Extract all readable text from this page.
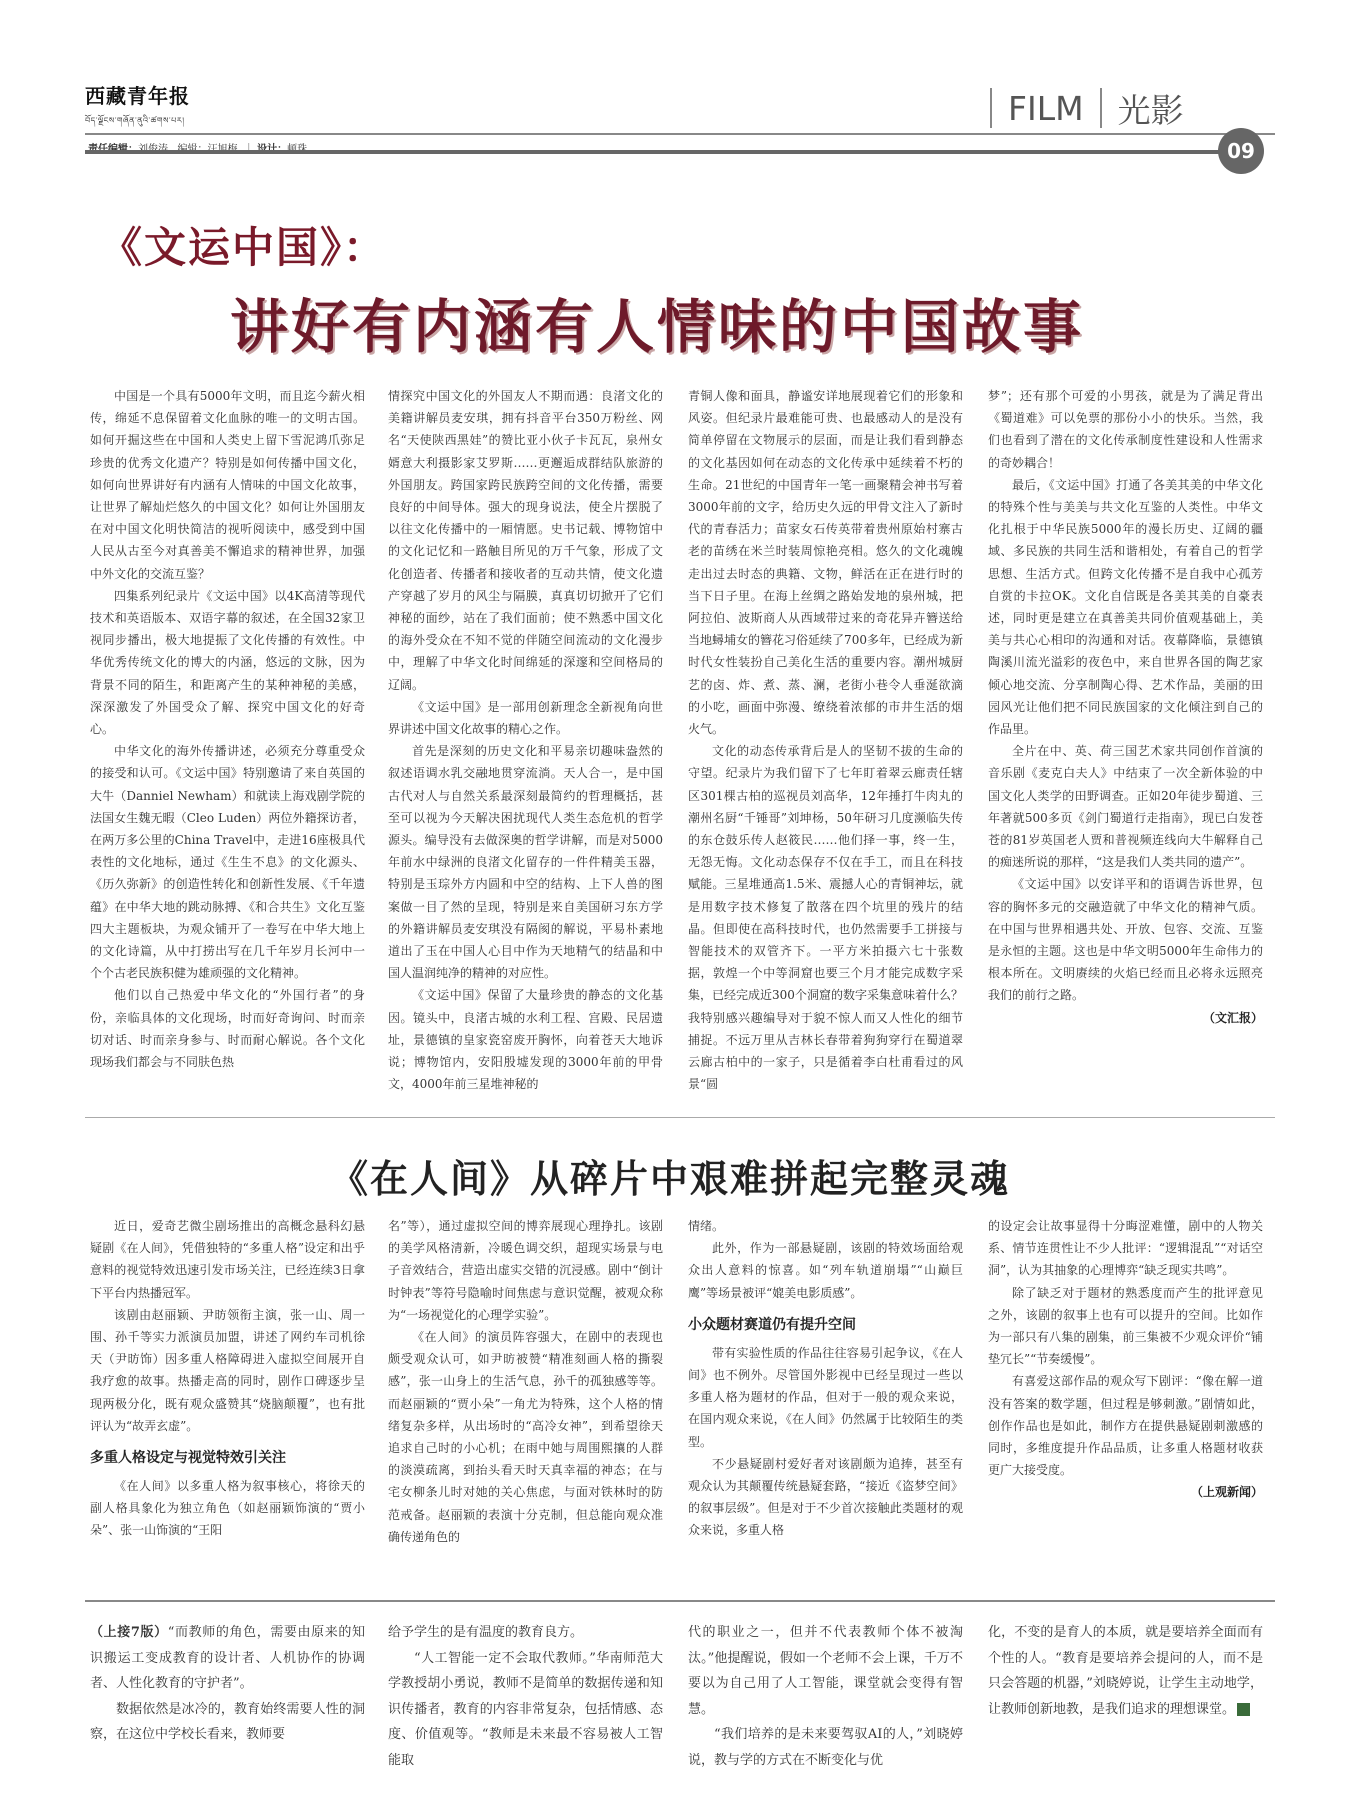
西藏青年报
བོད་ལྗོངས་གཞོན་ནུའི་ཚགས་པར།	FILM 光影

09
《文运中国》：
讲好有内涵有人情味的中国故事

中国是一个具有5000年文明，而且迄今薪火相传，绵延不息保留着文化血脉的唯一的文明古国。如何开掘这些在中国和人类史上留下雪泥鸿爪弥足珍贵的优秀文化遗产？特别是如何传播中国文化，如何向世界讲好有内涵有人情味的中国文化故事，让世界了解灿烂悠久的中国文化？如何让外国朋友在对中国文化明快简洁的视听阅读中，感受到中国人民从古至今对真善美不懈追求的精神世界，加强中外文化的交流互鉴？

四集系列纪录片《文运中国》以4K高清等现代技术和英语版本、双语字幕的叙述，在全国32家卫视同步播出，极大地提振了文化传播的有效性。中华优秀传统文化的博大的内涵，悠远的文脉，因为背景不同的陌生，和距离产生的某种神秘的美感，深深激发了外国受众了解、探究中国文化的好奇心。

中华文化的海外传播讲述，必须充分尊重受众的接受和认可。《文运中国》特别邀请了来自英国的大牛（Danniel Newham）和就读上海戏剧学院的法国女生魏无暇（Cleo Luden）两位外籍探访者，在两万多公里的China Travel中，走进16座极具代表性的文化地标，通过《生生不息》的文化源头、《历久弥新》的创造性转化和创新性发展、《千年遗蕴》在中华大地的跳动脉搏、《和合共生》文化互鉴四大主题板块，为观众铺开了一卷写在中华大地上的文化诗篇，从中打捞出写在几千年岁月长河中一个个古老民族积健为雄顽强的文化精神。

他们以自己热爱中华文化的“外国行者”的身份，亲临具体的文化现场，时而好奇询问、时而亲切对话、时而亲身参与、时而耐心解说。各个文化现场我们都会与不同肤色热

情探究中国文化的外国友人不期而遇：良渚文化的美籍讲解员麦安琪，拥有抖音平台350万粉丝、网名“天使陕西黑娃”的赞比亚小伙子卡瓦瓦，泉州女婿意大利摄影家艾罗斯……更邂逅成群结队旅游的外国朋友。跨国家跨民族跨空间的文化传播，需要良好的中间导体。强大的现身说法，使全片摆脱了以往文化传播中的一厢情愿。史书记载、博物馆中的文化记忆和一路触目所见的万千气象，形成了文化创造者、传播者和接收者的互动共情，使文化遗产穿越了岁月的风尘与隔膜，真真切切掀开了它们神秘的面纱，站在了我们面前；使不熟悉中国文化的海外受众在不知不觉的伴随空间流动的文化漫步中，理解了中华文化时间绵延的深邃和空间格局的辽阔。

《文运中国》是一部用创新理念全新视角向世界讲述中国文化故事的精心之作。

首先是深刻的历史文化和平易亲切趣味盎然的叙述语调水乳交融地贯穿流淌。天人合一，是中国古代对人与自然关系最深刻最简约的哲理概括，甚至可以视为今天解决困扰现代人类生态危机的哲学源头。编导没有去做深奥的哲学讲解，而是对5000年前水中绿洲的良渚文化留存的一件件精美玉器，特别是玉琮外方内圆和中空的结构、上下人兽的图案做一目了然的呈现，特别是来自美国研习东方学的外籍讲解员麦安琪没有隔阂的解说，平易朴素地道出了玉在中国人心目中作为天地精气的结晶和中国人温润纯净的精神的对应性。

《文运中国》保留了大量珍贵的静态的文化基因。镜头中，良渚古城的水利工程、宫殿、民居遗址，景德镇的皇家瓷窑废开胸怀，向着苍天大地诉说；博物馆内，安阳殷墟发现的3000年前的甲骨文，4000年前三星堆神秘的

青铜人像和面具，静谧安详地展现着它们的形象和风姿。但纪录片最难能可贵、也最感动人的是没有简单停留在文物展示的层面，而是让我们看到静态的文化基因如何在动态的文化传承中延续着不朽的生命。21世纪的中国青年一笔一画聚精会神书写着3000年前的文字，给历史久远的甲骨文注入了新时代的青春活力；苗家女石传英带着贵州原始村寨古老的苗绣在米兰时装周惊艳亮相。悠久的文化魂魄走出过去时态的典籍、文物，鲜活在正在进行时的当下日子里。在海上丝绸之路始发地的泉州城，把阿拉伯、波斯商人从西域带过来的奇花异卉簪送给当地蟳埔女的簪花习俗延续了700多年，已经成为新时代女性装扮自己美化生活的重要内容。潮州城厨艺的卤、炸、煮、蒸、澜，老街小巷令人垂涎欲滴的小吃，画面中弥漫、缭绕着浓郁的市井生活的烟火气。

文化的动态传承背后是人的坚韧不拔的生命的守望。纪录片为我们留下了七年盯着翠云廊责任辖区301棵古柏的巡视员刘高华，12年捶打牛肉丸的潮州名厨“千锤哥”刘坤杨，50年研习几度濒临失传的东仓鼓乐传人赵筱民……他们择一事，终一生，无怨无悔。文化动态保存不仅在手工，而且在科技赋能。三星堆通高1.5米、震撼人心的青铜神坛，就是用数字技术修复了散落在四个坑里的残片的结晶。但即使在高科技时代，也仍然需要手工拼接与智能技术的双管齐下。一平方米拍摄六七十张数据，敦煌一个中等洞窟也要三个月才能完成数字采集，已经完成近300个洞窟的数字采集意味着什么？我特别感兴趣编导对于貌不惊人而又人性化的细节捕捉。不远万里从吉林长春带着狗狗穿行在蜀道翠云廊古柏中的一家子，只是循着李白杜甫看过的风景“圆

梦”；还有那个可爱的小男孩，就是为了满足背出《蜀道难》可以免票的那份小小的快乐。当然，我们也看到了潜在的文化传承制度性建设和人性需求的奇妙耦合！

最后，《文运中国》打通了各美其美的中华文化的特殊个性与美美与共文化互鉴的人类性。中华文化扎根于中华民族5000年的漫长历史、辽阔的疆域、多民族的共同生活和谐相处，有着自己的哲学思想、生活方式。但跨文化传播不是自我中心孤芳自赏的卡拉OK。文化自信既是各美其美的自豪表述，同时更是建立在真善美共同价值观基础上，美美与共心心相印的沟通和对话。夜幕降临，景德镇陶溪川流光溢彩的夜色中，来自世界各国的陶艺家倾心地交流、分享制陶心得、艺术作品，美丽的田园风光让他们把不同民族国家的文化倾注到自己的作品里。

全片在中、英、荷三国艺术家共同创作首演的音乐剧《麦克白夫人》中结束了一次全新体验的中国文化人类学的田野调查。正如20年徒步蜀道、三年著就500多页《剑门蜀道行走指南》，现已白发苍苍的81岁英国老人贾和普视频连线向大牛解释自己的痴迷所说的那样，“这是我们人类共同的遗产”。

《文运中国》以安详平和的语调告诉世界，包容的胸怀多元的交融造就了中华文化的精神气质。在中国与世界相遇共处、开放、包容、交流、互鉴是永恒的主题。这也是中华文明5000年生命伟力的根本所在。文明赓续的火焰已经而且必将永远照亮我们的前行之路。

（文汇报）
《在人间》从碎片中艰难拼起完整灵魂

近日，爱奇艺微尘剧场推出的高概念悬科幻悬疑剧《在人间》，凭借独特的“多重人格”设定和出乎意料的视觉特效迅速引发市场关注，已经连续3日拿下平台内热播冠军。

该剧由赵丽颖、尹昉领衔主演，张一山、周一围、孙千等实力派演员加盟，讲述了网约车司机徐天（尹昉饰）因多重人格障碍进入虚拟空间展开自我疗愈的故事。热播走高的同时，剧作口碑逐步呈现两极分化，既有观众盛赞其“烧脑颠覆”，也有批评认为“故弄玄虚”。

多重人格设定与视觉特效引关注

《在人间》以多重人格为叙事核心，将徐天的副人格具象化为独立角色（如赵丽颖饰演的“贾小朵”、张一山饰演的“王阳

名”等），通过虚拟空间的博弈展现心理挣扎。该剧的美学风格清新，冷暖色调交织，超现实场景与电子音效结合，营造出虚实交错的沉浸感。剧中“倒计时钟表”等符号隐喻时间焦虑与意识觉醒，被观众称为“一场视觉化的心理学实验”。

《在人间》的演员阵容强大，在剧中的表现也颇受观众认可，如尹昉被赞“精准刻画人格的撕裂感”，张一山身上的生活气息，孙千的孤独感等等。而赵丽颖的“贾小朵”一角尤为特殊，这个人格的情绪复杂多样，从出场时的“高冷女神”，到希望徐天追求自己时的小心机；在雨中她与周围熙攘的人群的淡漠疏离，到抬头看天时天真幸福的神态；在与宅女柳条儿时对她的关心焦虑，与面对铁林时的防范戒备。赵丽颖的表演十分克制，但总能向观众准确传递角色的

情绪。

此外，作为一部悬疑剧，该剧的特效场面给观众出人意料的惊喜。如“列车轨道崩塌”“山巅巨鹰”等场景被评“媲美电影质感”。

小众题材赛道仍有提升空间

带有实验性质的作品往往容易引起争议，《在人间》也不例外。尽管国外影视中已经呈现过一些以多重人格为题材的作品，但对于一般的观众来说，在国内观众来说，《在人间》仍然属于比较陌生的类型。

不少悬疑剧村爱好者对该剧颇为追捧，甚至有观众认为其颠覆传统悬疑套路，“接近《盗梦空间》的叙事层级”。但是对于不少首次接触此类题材的观众来说，多重人格

的设定会让故事显得十分晦涩难懂，剧中的人物关系、情节连贯性让不少人批评：“逻辑混乱”“对话空洞”，认为其抽象的心理博弈“缺乏现实共鸣”。

除了缺乏对于题材的熟悉度而产生的批评意见之外，该剧的叙事上也有可以提升的空间。比如作为一部只有八集的剧集，前三集被不少观众评价“铺垫冗长”“节奏缓慢”。

有喜爱这部作品的观众写下剧评：“像在解一道没有答案的数学题，但过程是够刺激。”剧情如此，创作作品也是如此，制作方在提供悬疑剧刺激感的同时，多维度提升作品品质，让多重人格题材收获更广大接受度。

（上观新闻）

（上接7版）“而教师的角色，需要由原来的知识搬运工变成教育的设计者、人机协作的协调者、人性化教育的守护者”。

数据依然是冰冷的，教育始终需要人性的洞察，在这位中学校长看来，教师要

给予学生的是有温度的教育良方。

“人工智能一定不会取代教师。”华南师范大学教授胡小勇说，教师不是简单的数据传递和知识传播者，教育的内容非常复杂，包括情感、态度、价值观等。“教师是未来最不容易被人工智能取

代的职业之一，但并不代表教师个体不被淘汰。”他提醒说，假如一个老师不会上课，千万不要以为自己用了人工智能，课堂就会变得有智慧。

“我们培养的是未来要驾驭AI的人，”刘晓婷说，教与学的方式在不断变化与优

化，不变的是育人的本质，就是要培养全面而有个性的人。“教育是要培养会提问的人，而不是只会答题的机器，”刘晓婷说，让学生主动地学，让教师创新地教，是我们追求的理想课堂。
